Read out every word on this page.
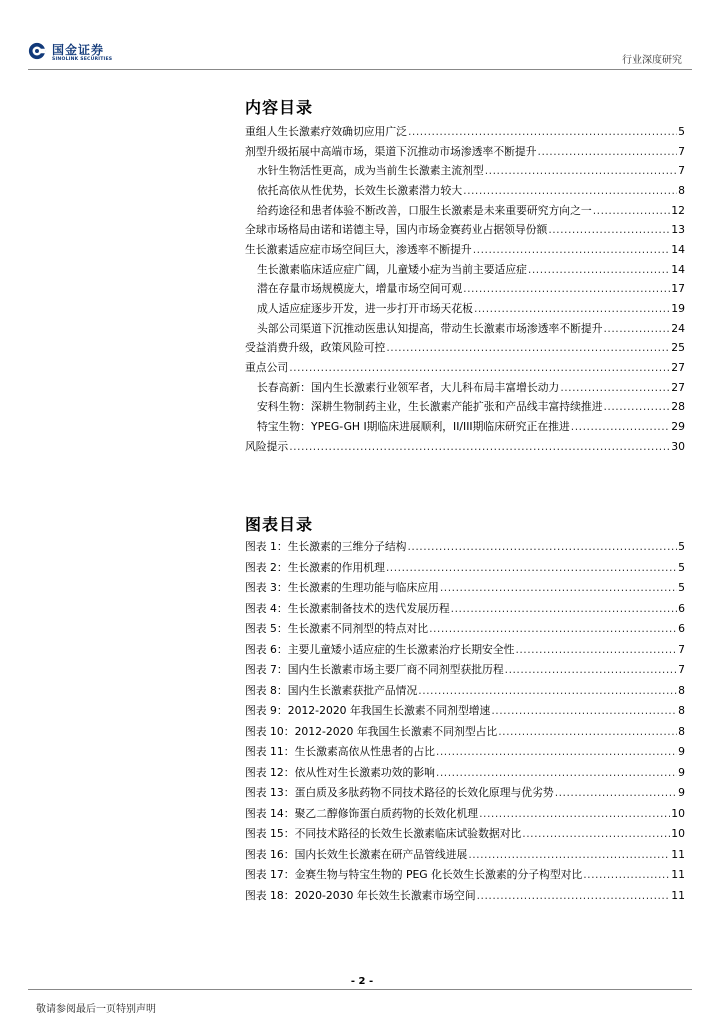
国金证券
SINOLINK SECURITIES	行业深度研究
内容目录
重组人生长激素疗效确切应用广泛 .....	5
剂型升级拓展中高端市场，渠道下沉推动市场渗透率不断提升 .....	7
水针生物活性更高，成为当前生长激素主流剂型 .....	7
依托高依从性优势，长效生长激素潜力较大 .....	8
给药途径和患者体验不断改善，口服生长激素是未来重要研究方向之一 .....	12
全球市场格局由诺和诺德主导，国内市场金赛药业占据领导份额 .....	13
生长激素适应症市场空间巨大，渗透率不断提升 .....	14
生长激素临床适应症广阔，儿童矮小症为当前主要适应症 .....	14
潜在存量市场规模庞大，增量市场空间可观 .....	17
成人适应症逐步开发，进一步打开市场天花板 .....	19
头部公司渠道下沉推动医患认知提高，带动生长激素市场渗透率不断提升 .....	24
受益消费升级，政策风险可控 .....	25
重点公司 .....	27
长春高新：国内生长激素行业领军者，大儿科布局丰富增长动力 .....	27
安科生物：深耕生物制药主业，生长激素产能扩张和产品线丰富持续推进 .....	28
特宝生物：YPEG-GH I期临床进展顺利，II/III期临床研究正在推进 .....	29
风险提示 .....	30
图表目录
图表 1： 生长激素的三维分子结构 .....	5
图表 2： 生长激素的作用机理 .....	5
图表 3： 生长激素的生理功能与临床应用 .....	5
图表 4： 生长激素制备技术的迭代发展历程 .....	6
图表 5： 生长激素不同剂型的特点对比 .....	6
图表 6： 主要儿童矮小适应症的生长激素治疗长期安全性 .....	7
图表 7： 国内生长激素市场主要厂商不同剂型获批历程 .....	7
图表 8： 国内生长激素获批产品情况 .....	8
图表 9： 2012-2020 年我国生长激素不同剂型增速 .....	8
图表 10： 2012-2020 年我国生长激素不同剂型占比 .....	8
图表 11： 生长激素高依从性患者的占比 .....	9
图表 12： 依从性对生长激素功效的影响 .....	9
图表 13： 蛋白质及多肽药物不同技术路径的长效化原理与优劣势 .....	9
图表 14： 聚乙二醇修饰蛋白质药物的长效化机理 .....	10
图表 15： 不同技术路径的长效生长激素临床试验数据对比 .....	10
图表 16： 国内长效生长激素在研产品管线进展 .....	11
图表 17： 金赛生物与特宝生物的 PEG 化长效生长激素的分子构型对比 .....	11
图表 18： 2020-2030 年长效生长激素市场空间 .....	11
- 2 -
敬请参阅最后一页特别声明
